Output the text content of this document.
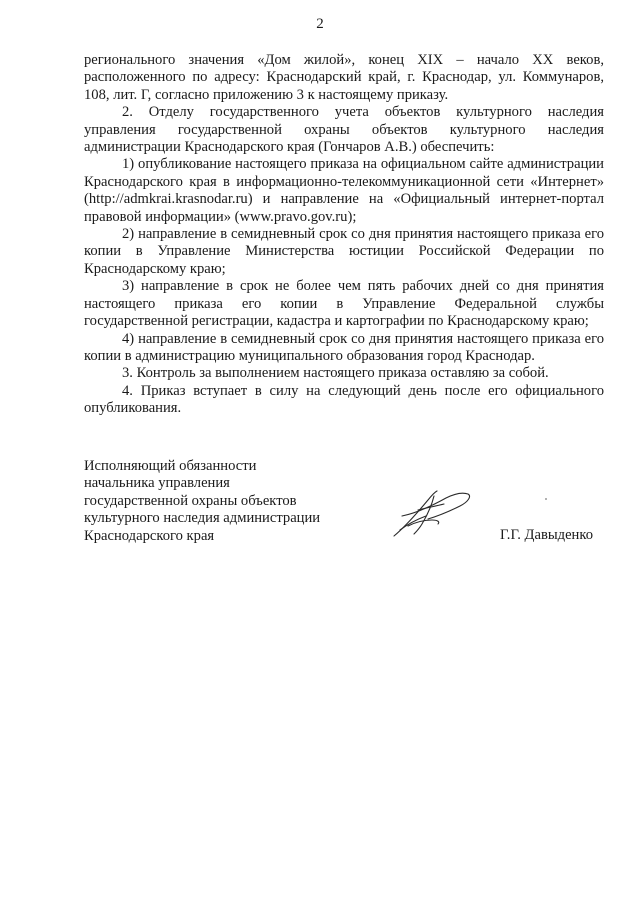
2

регионального значения «Дом жилой», конец XIX – начало XX веков, расположенного по адресу: Краснодарский край, г. Краснодар, ул. Коммунаров, 108, лит. Г, согласно приложению 3 к настоящему приказу.

2. Отделу государственного учета объектов культурного наследия управления государственной охраны объектов культурного наследия администрации Краснодарского края (Гончаров А.В.) обеспечить:

1) опубликование настоящего приказа на официальном сайте администрации Краснодарского края в информационно-телекоммуникационной сети «Интернет» (http://admkrai.krasnodar.ru) и направление на «Официальный интернет-портал правовой информации» (www.pravo.gov.ru);

2) направление в семидневный срок со дня принятия настоящего приказа его копии в Управление Министерства юстиции Российской Федерации по Краснодарскому краю;

3) направление в срок не более чем пять рабочих дней со дня принятия настоящего приказа его копии в Управление Федеральной службы государственной регистрации, кадастра и картографии по Краснодарскому краю;

4) направление в семидневный срок со дня принятия настоящего приказа его копии в администрацию муниципального образования город Краснодар.

3. Контроль за выполнением настоящего приказа оставляю за собой.

4. Приказ вступает в силу на следующий день после его официального опубликования.

Исполняющий обязанности
начальника управления
государственной охраны объектов
культурного наследия администрации
Краснодарского края	Г.Г. Давыденко
